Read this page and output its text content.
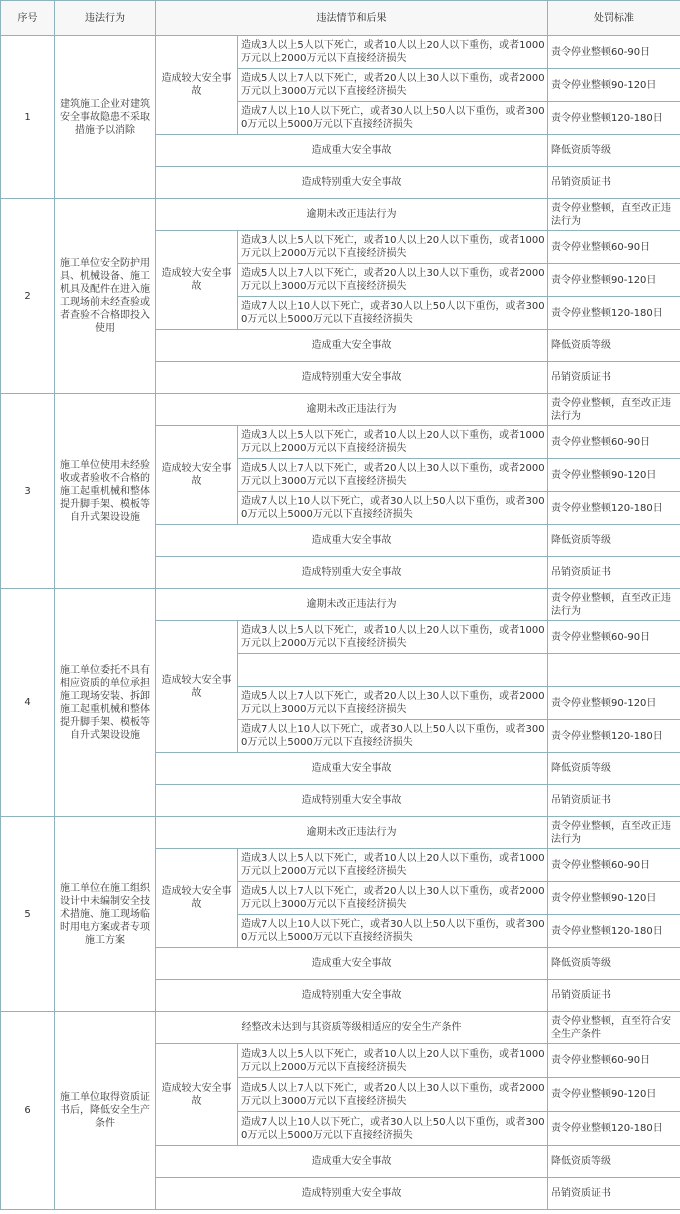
序号	违法行为	违法情节和后果		处罚标准
1	建筑施工企业对建筑安全事故隐患不采取措施予以消除	造成较大安全事故	造成3人以上5人以下死亡，或者10人以上20人以下重伤，或者1000万元以上2000万元以下直接经济损失	责令停业整顿60-90日
			造成5人以上7人以下死亡，或者20人以上30人以下重伤，或者2000万元以上3000万元以下直接经济损失	责令停业整顿90-120日
			造成7人以上10人以下死亡，或者30人以上50人以下重伤，或者3000万元以上5000万元以下直接经济损失	责令停业整顿120-180日
		造成重大安全事故		降低资质等级
		造成特别重大安全事故		吊销资质证书
2	施工单位安全防护用具、机械设备、施工机具及配件在进入施工现场前未经查验或者查验不合格即投入使用	逾期未改正违法行为		责令停业整顿，直至改正违法行为
		造成较大安全事故	造成3人以上5人以下死亡，或者10人以上20人以下重伤，或者1000万元以上2000万元以下直接经济损失	责令停业整顿60-90日
			造成5人以上7人以下死亡，或者20人以上30人以下重伤，或者2000万元以上3000万元以下直接经济损失	责令停业整顿90-120日
			造成7人以上10人以下死亡，或者30人以上50人以下重伤，或者3000万元以上5000万元以下直接经济损失	责令停业整顿120-180日
		造成重大安全事故		降低资质等级
		造成特别重大安全事故		吊销资质证书
3	施工单位使用未经验收或者验收不合格的施工起重机械和整体提升脚手架、模板等自升式架设设施	逾期未改正违法行为		责令停业整顿，直至改正违法行为
		造成较大安全事故	造成3人以上5人以下死亡，或者10人以上20人以下重伤，或者1000万元以上2000万元以下直接经济损失	责令停业整顿60-90日
			造成5人以上7人以下死亡，或者20人以上30人以下重伤，或者2000万元以上3000万元以下直接经济损失	责令停业整顿90-120日
			造成7人以上10人以下死亡，或者30人以上50人以下重伤，或者3000万元以上5000万元以下直接经济损失	责令停业整顿120-180日
		造成重大安全事故		降低资质等级
		造成特别重大安全事故		吊销资质证书
4	施工单位委托不具有相应资质的单位承担施工现场安装、拆卸施工起重机械和整体提升脚手架、模板等自升式架设设施	逾期未改正违法行为		责令停业整顿，直至改正违法行为
		造成较大安全事故	造成3人以上5人以下死亡，或者10人以上20人以下重伤，或者1000万元以上2000万元以下直接经济损失	责令停业整顿60-90日

			造成5人以上7人以下死亡，或者20人以上30人以下重伤，或者2000万元以上3000万元以下直接经济损失	责令停业整顿90-120日
			造成7人以上10人以下死亡，或者30人以上50人以下重伤，或者3000万元以上5000万元以下直接经济损失	责令停业整顿120-180日
		造成重大安全事故		降低资质等级
		造成特别重大安全事故		吊销资质证书
5	施工单位在施工组织设计中未编制安全技术措施、施工现场临时用电方案或者专项施工方案	逾期未改正违法行为		责令停业整顿，直至改正违法行为
		造成较大安全事故	造成3人以上5人以下死亡，或者10人以上20人以下重伤，或者1000万元以上2000万元以下直接经济损失	责令停业整顿60-90日
			造成5人以上7人以下死亡，或者20人以上30人以下重伤，或者2000万元以上3000万元以下直接经济损失	责令停业整顿90-120日
			造成7人以上10人以下死亡，或者30人以上50人以下重伤，或者3000万元以上5000万元以下直接经济损失	责令停业整顿120-180日
		造成重大安全事故		降低资质等级
		造成特别重大安全事故		吊销资质证书
6	施工单位取得资质证书后，降低安全生产条件	经整改未达到与其资质等级相适应的安全生产条件		责令停业整顿，直至符合安全生产条件
		造成较大安全事故	造成3人以上5人以下死亡，或者10人以上20人以下重伤，或者1000万元以上2000万元以下直接经济损失	责令停业整顿60-90日
			造成5人以上7人以下死亡，或者20人以上30人以下重伤，或者2000万元以上3000万元以下直接经济损失	责令停业整顿90-120日
			造成7人以上10人以下死亡，或者30人以上50人以下重伤，或者3000万元以上5000万元以下直接经济损失	责令停业整顿120-180日
		造成重大安全事故		降低资质等级
		造成特别重大安全事故		吊销资质证书
